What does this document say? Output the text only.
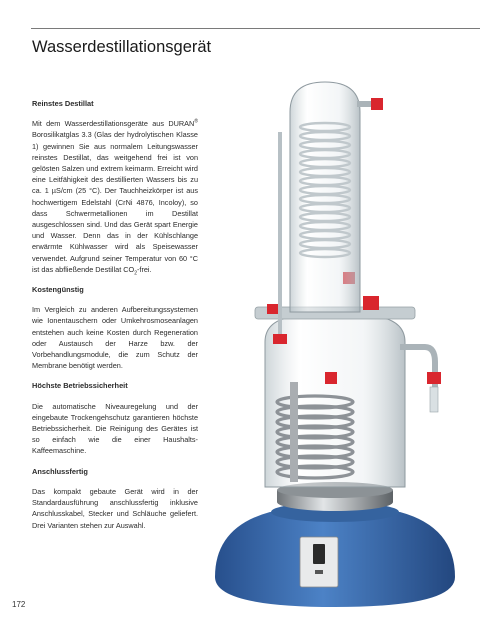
Wasserdestillationsgerät
Reinstes Destillat

Mit dem Wasserdestillationsgeräte aus DURAN® Borosilikatglas 3.3 (Glas der hydrolytischen Klasse 1) gewinnen Sie aus normalem Leitungswasser reinstes Destillat, das weitgehend frei ist von gelösten Salzen und extrem keimarm. Erreicht wird eine Leitfähigkeit des destillierten Wassers bis zu ca. 1 µS/cm (25 °C). Der Tauchheizkörper ist aus hochwertigem Edelstahl (CrNi 4876, Incoloy), so dass Schwermetallionen im Destillat ausgeschlossen sind. Und das Gerät spart Energie und Wasser. Denn das in der Kühlschlange erwärmte Kühlwasser wird als Speisewasser verwendet. Aufgrund seiner Temperatur von 60 °C ist das abfließende Destillat $CO_2$-frei.

Kostengünstig

Im Vergleich zu anderen Aufbereitungssystemen wie Ionentauschern oder Umkehrosmoseanlagen entstehen auch keine Kosten durch Regeneration oder Austausch der Harze bzw. der Vorbehandlungsmodule, die zum Schutz der Membrane benötigt werden.

Höchste Betriebssicherheit

Die automatische Niveauregelung und der eingebaute Trockengehschutz garantieren höchste Betriebssicherheit. Die Reinigung des Gerätes ist so einfach wie die einer Haushalts-Kaffeemaschine.

Anschlussfertig

Das kompakt gebaute Gerät wird in der Standardausführung anschlussfertig inklusive Anschlusskabel, Stecker und Schläuche geliefert. Drei Varianten stehen zur Auswahl.

172
